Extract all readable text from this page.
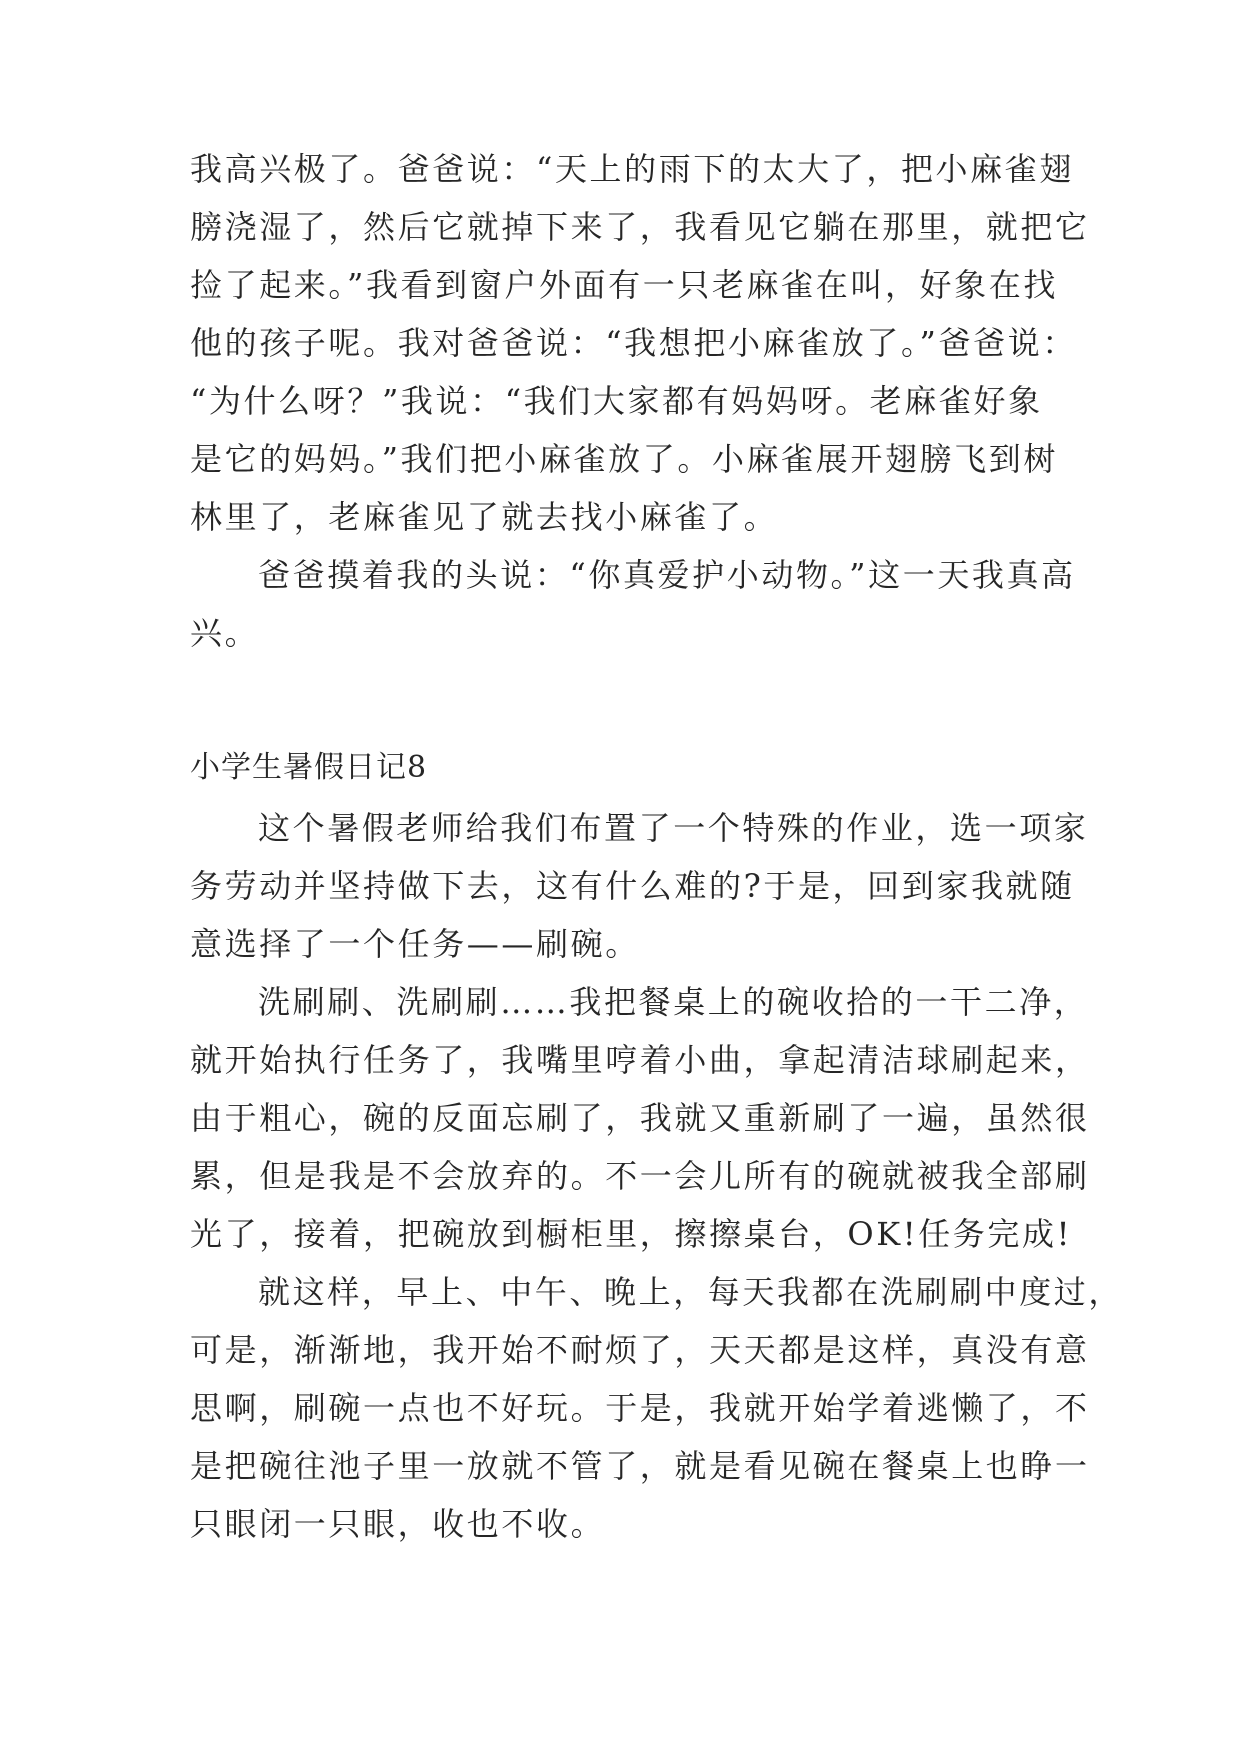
我高兴极了。爸爸说：“天上的雨下的太大了，把小麻雀翅
膀浇湿了，然后它就掉下来了，我看见它躺在那里，就把它
捡了起来。”我看到窗户外面有一只老麻雀在叫，好象在找
他的孩子呢。我对爸爸说：“我想把小麻雀放了。”爸爸说：
“为什么呀？”我说：“我们大家都有妈妈呀。老麻雀好象
是它的妈妈。”我们把小麻雀放了。小麻雀展开翅膀飞到树
林里了，老麻雀见了就去找小麻雀了。
爸爸摸着我的头说：“你真爱护小动物。”这一天我真高
兴。
小学生暑假日记8
这个暑假老师给我们布置了一个特殊的作业，选一项家
务劳动并坚持做下去，这有什么难的?于是，回到家我就随
意选择了一个任务——刷碗。
洗刷刷、洗刷刷……我把餐桌上的碗收拾的一干二净，
就开始执行任务了，我嘴里哼着小曲，拿起清洁球刷起来，
由于粗心，碗的反面忘刷了，我就又重新刷了一遍，虽然很
累，但是我是不会放弃的。不一会儿所有的碗就被我全部刷
光了，接着，把碗放到橱柜里，擦擦桌台，OK!任务完成!
就这样，早上、中午、晚上，每天我都在洗刷刷中度过，
可是，渐渐地，我开始不耐烦了，天天都是这样，真没有意
思啊，刷碗一点也不好玩。于是，我就开始学着逃懒了，不
是把碗往池子里一放就不管了，就是看见碗在餐桌上也睁一
只眼闭一只眼，收也不收。
